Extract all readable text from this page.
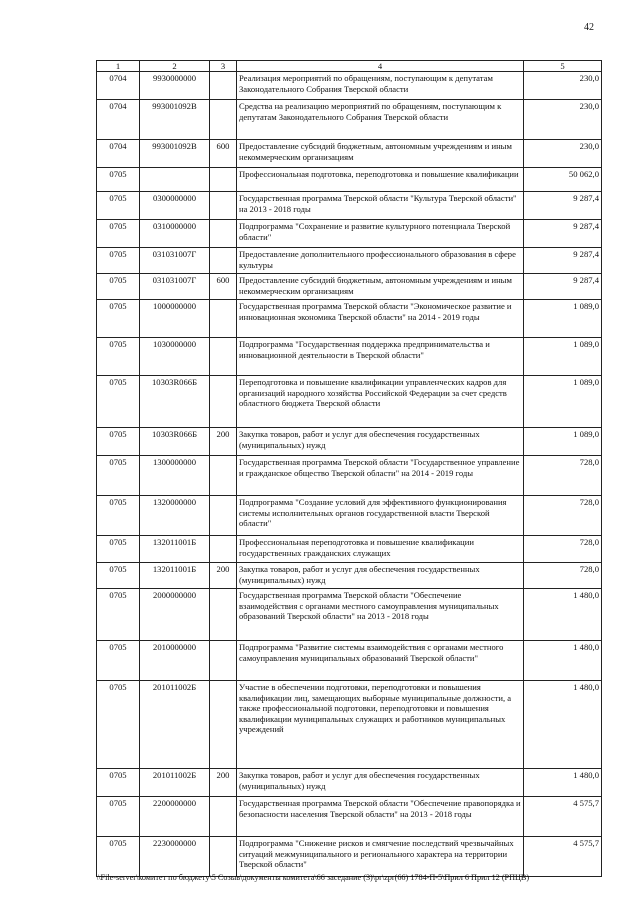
42
1	2	3	4	5
0704	9930000000		Реализация мероприятий по обращениям, поступающим к депутатам Законодательного Собрания Тверской области	230,0
0704	993001092В		Средства на реализацию мероприятий по обращениям, поступающим к депутатам Законодательного Собрания Тверской области	230,0
0704	993001092В	600	Предоставление субсидий бюджетным, автономным учреждениям и иным некоммерческим организациям	230,0
0705			Профессиональная подготовка, переподготовка и повышение квалификации	50 062,0
0705	0300000000		Государственная программа Тверской области "Культура Тверской области" на 2013 - 2018 годы	9 287,4
0705	0310000000		Подпрограмма "Сохранение и развитие культурного потенциала Тверской области"	9 287,4
0705	031031007Г		Предоставление дополнительного профессионального образования в сфере культуры	9 287,4
0705	031031007Г	600	Предоставление субсидий бюджетным, автономным учреждениям и иным некоммерческим организациям	9 287,4
0705	1000000000		Государственная программа Тверской области "Экономическое развитие и инновационная экономика Тверской области" на 2014 - 2019 годы	1 089,0
0705	1030000000		Подпрограмма "Государственная поддержка предпринимательства и инновационной деятельности в Тверской области"	1 089,0
0705	10303R066Б		Переподготовка и повышение квалификации управленческих кадров для организаций народного хозяйства Российской Федерации за счет средств областного бюджета Тверской области	1 089,0
0705	10303R066Б	200	Закупка товаров, работ и услуг для обеспечения государственных (муниципальных) нужд	1 089,0
0705	1300000000		Государственная программа Тверской области "Государственное управление и гражданское общество Тверской области" на 2014 - 2019 годы	728,0
0705	1320000000		Подпрограмма "Создание условий для эффективного функционирования системы исполнительных органов государственной власти Тверской области"	728,0
0705	132011001Б		Профессиональная переподготовка и повышение квалификации государственных гражданских служащих	728,0
0705	132011001Б	200	Закупка товаров, работ и услуг для обеспечения государственных (муниципальных) нужд	728,0
0705	2000000000		Государственная программа Тверской области "Обеспечение взаимодействия с органами местного самоуправления муниципальных образований Тверской области" на 2013 - 2018 годы	1 480,0
0705	2010000000		Подпрограмма "Развитие системы взаимодействия с органами местного самоуправления муниципальных образований Тверской области"	1 480,0
0705	201011002Б		Участие в обеспечении подготовки, переподготовки и повышения квалификации лиц, замещающих выборные муниципальные должности, а также профессиональной подготовки, переподготовки и повышения квалификации муниципальных служащих и работников муниципальных учреждений	1 480,0
0705	201011002Б	200	Закупка товаров, работ и услуг для обеспечения государственных (муниципальных) нужд	1 480,0
0705	2200000000		Государственная программа Тверской области "Обеспечение правопорядка и безопасности населения Тверской области" на 2013 - 2018 годы	4 575,7
0705	2230000000		Подпрограмма "Снижение рисков и смягчение последствий чрезвычайных ситуаций межмуниципального и регионального характера на территории Тверской области"	4 575,7
\\File-server\комитет по бюджету\5 Созыв\документы комитета\66 заседание (3)\pr\zpr(66) 1784-П-5\Прил 6 Прил 12 (РПЦВ)
